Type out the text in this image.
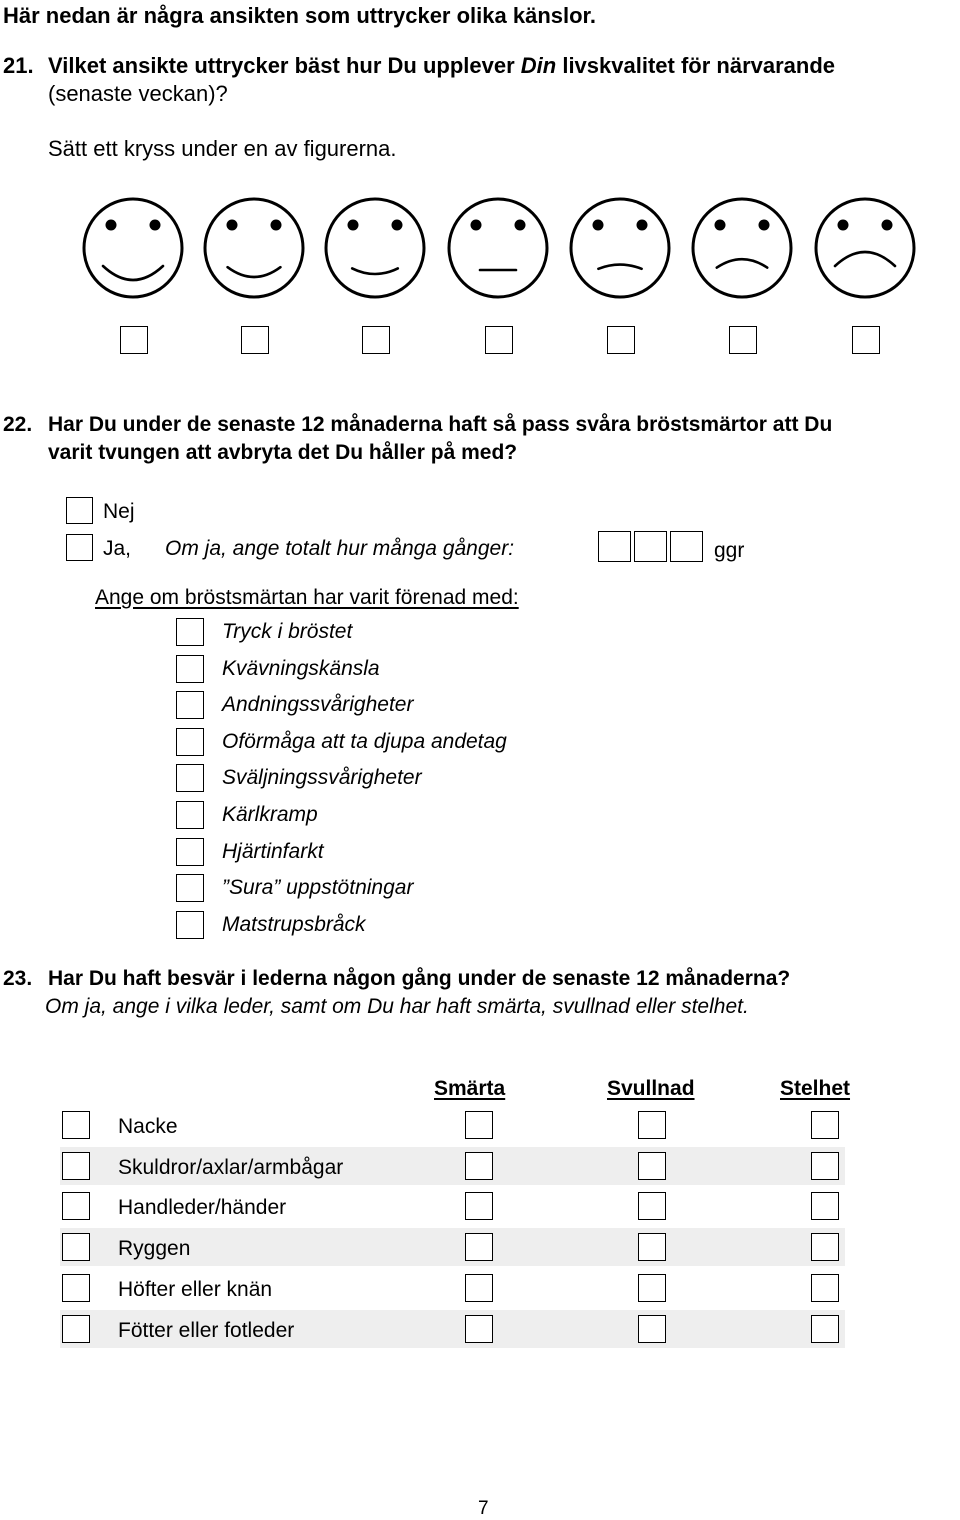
Här nedan är några ansikten som uttrycker olika känslor.
21. Vilket ansikte uttrycker bäst hur Du upplever Din livskvalitet för närvarande
(senaste veckan)?
Sätt ett kryss under en av figurerna.
22. Har Du under de senaste 12 månaderna haft så pass svåra bröstsmärtor att Du
varit tvungen att avbryta det Du håller på med?
Nej
Ja, Om ja, ange totalt hur många gånger:	ggr
Ange om bröstsmärtan har varit förenad med:
Tryck i bröstet
Kvävningskänsla
Andningssvårigheter
Oförmåga att ta djupa andetag
Sväljningssvårigheter
Kärlkramp
Hjärtinfarkt
”Sura” uppstötningar
Matstrupsbråck
23. Har Du haft besvär i lederna någon gång under de senaste 12 månaderna?
Om ja, ange i vilka leder, samt om Du har haft smärta, svullnad eller stelhet.
Smärta	Svullnad	Stelhet
Nacke
Skuldror/axlar/armbågar
Handleder/händer
Ryggen
Höfter eller knän
Fötter eller fotleder
7
